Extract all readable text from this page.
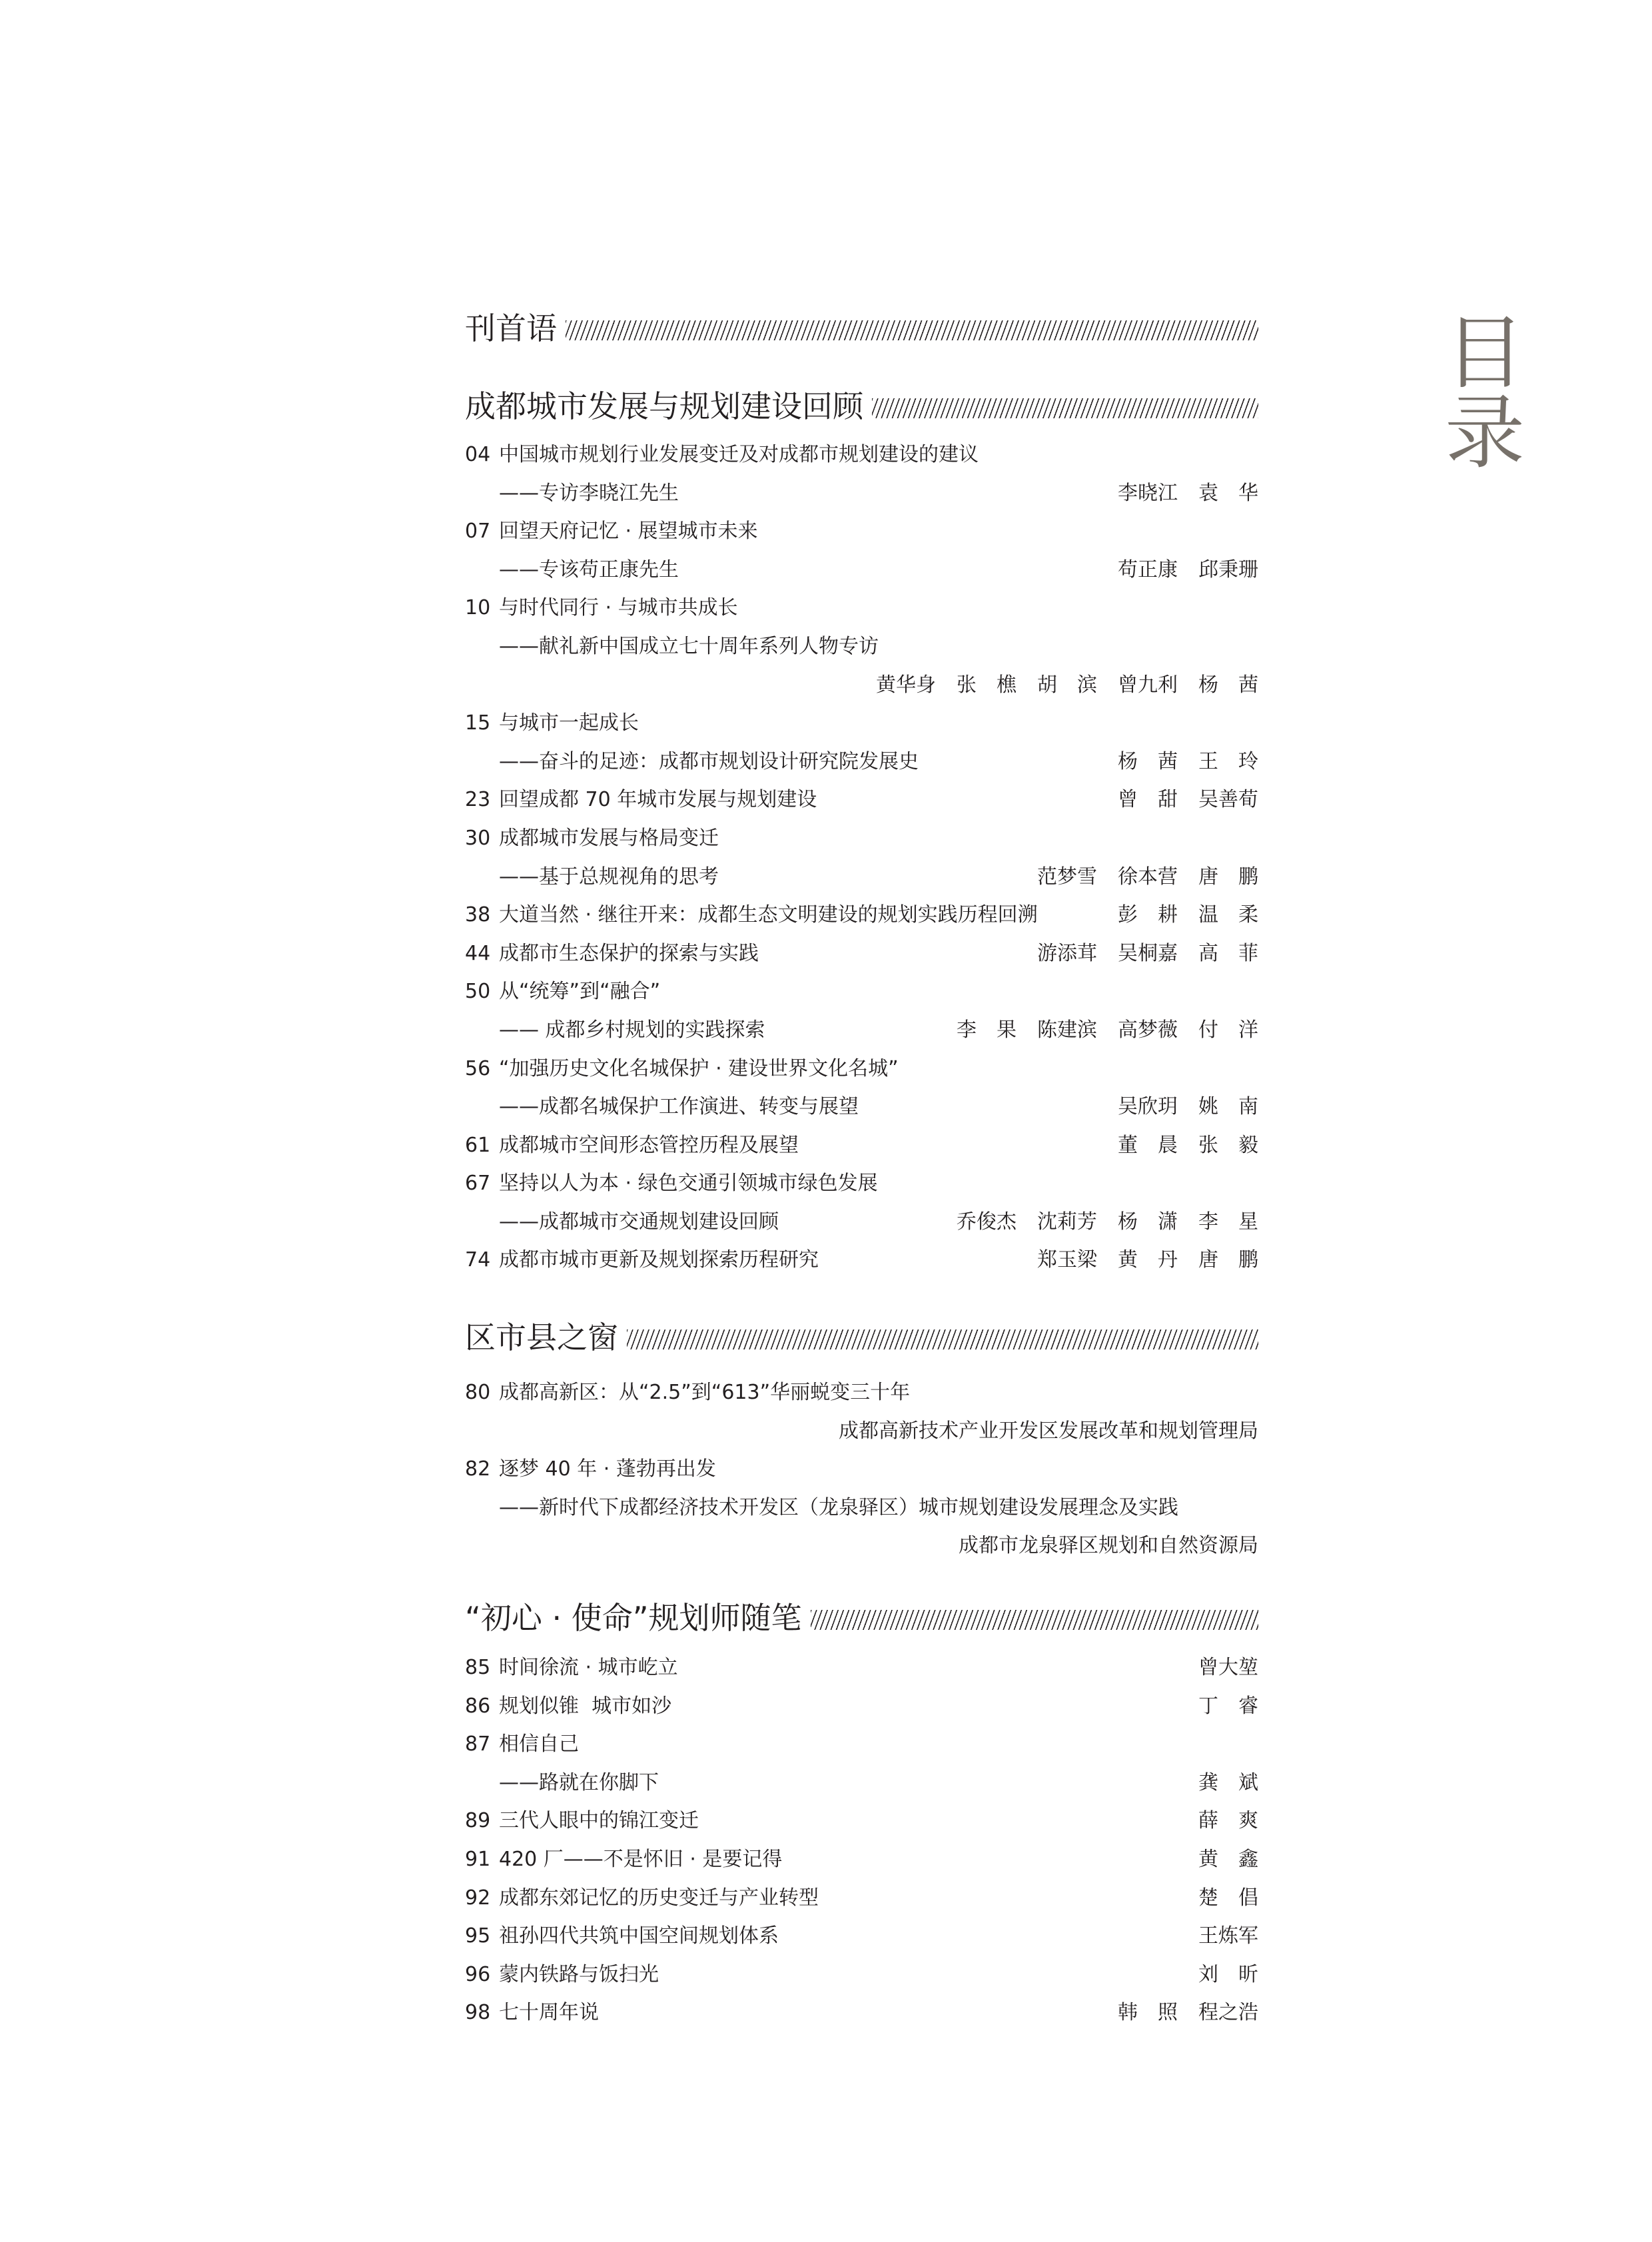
目录
刊首语
成都城市发展与规划建设回顾
04 中国城市规划行业发展变迁及对成都市规划建设的建议
——专访李晓江先生	李晓江 袁 华
07 回望天府记忆 · 展望城市未来
——专该苟正康先生	苟正康 邱秉珊
10 与时代同行 · 与城市共成长
——献礼新中国成立七十周年系列人物专访
黄华身 张 樵 胡 滨 曾九利 杨 茜
15 与城市一起成长
——奋斗的足迹：成都市规划设计研究院发展史	杨 茜 王 玲
23 回望成都 70 年城市发展与规划建设	曾 甜 吴善荀
30 成都城市发展与格局变迁
——基于总规视角的思考	范梦雪 徐本营 唐 鹏
38 大道当然 · 继往开来：成都生态文明建设的规划实践历程回溯	彭 耕 温 柔
44 成都市生态保护的探索与实践	游添茸 吴桐嘉 高 菲
50 从“统筹”到“融合”
—— 成都乡村规划的实践探索	李 果 陈建滨 高梦薇 付 洋
56 “加强历史文化名城保护 · 建设世界文化名城”
——成都名城保护工作演进、转变与展望	吴欣玥 姚 南
61 成都城市空间形态管控历程及展望	董 晨 张 毅
67 坚持以人为本 · 绿色交通引领城市绿色发展
——成都城市交通规划建设回顾	乔俊杰 沈莉芳 杨 潇 李 星
74 成都市城市更新及规划探索历程研究	郑玉梁 黄 丹 唐 鹏
区市县之窗
80 成都高新区：从“2.5”到“613”华丽蜕变三十年
成都高新技术产业开发区发展改革和规划管理局
82 逐梦 40 年 · 蓬勃再出发
——新时代下成都经济技术开发区（龙泉驿区）城市规划建设发展理念及实践
成都市龙泉驿区规划和自然资源局
“初心 · 使命”规划师随笔
85 时间徐流 · 城市屹立	曾大堃
86 规划似锥  城市如沙	丁 睿
87 相信自己
——路就在你脚下	龚 斌
89 三代人眼中的锦江变迁	薛 爽
91 420 厂——不是怀旧 · 是要记得	黄 鑫
92 成都东郊记忆的历史变迁与产业转型	楚 倡
95 祖孙四代共筑中国空间规划体系	王炼军
96 蒙内铁路与饭扫光	刘 昕
98 七十周年说	韩 照 程之浩
